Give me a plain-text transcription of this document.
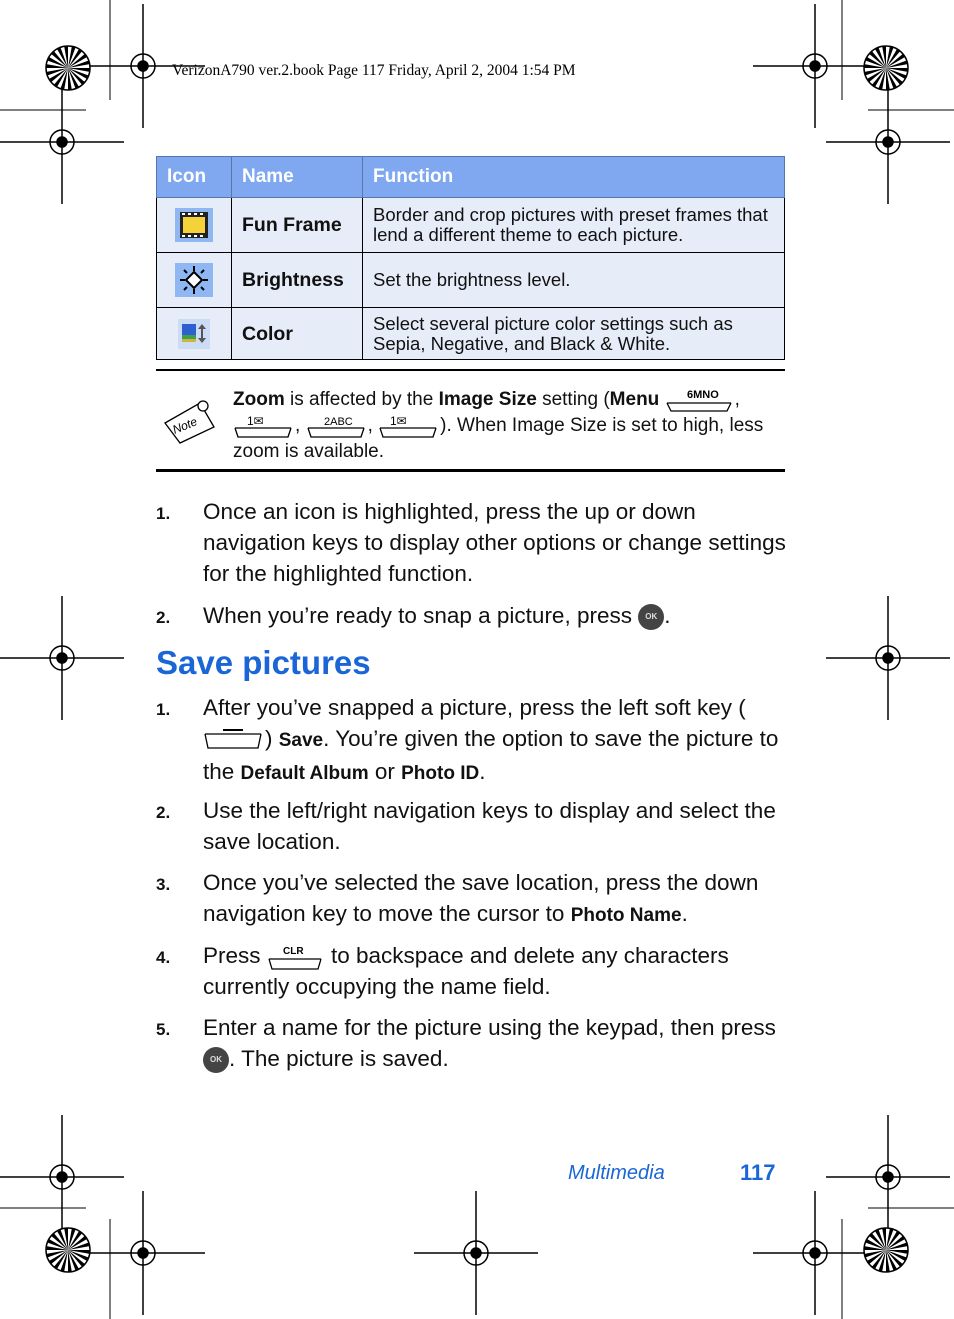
VerizonA790 ver.2.book Page 117 Friday, April 2, 2004 1:54 PM
Icon	Name	Function
	Fun Frame	Border and crop pictures with preset frames that lend a different theme to each picture.
	Brightness	Set the brightness level.
	Color	Select several picture color settings such as Sepia, Negative, and Black & White.
Note
Zoom is affected by the Image Size setting (Menu 6MNO ,

1✉ , 2ABC , 1✉ ). When Image Size is set to high, less zoom is available.
1. Once an icon is highlighted, press the up or down navigation keys to display other options or change settings for the highlighted function.
2. When you’re ready to snap a picture, press OK .
Save pictures
1. After you’ve snapped a picture, press the left soft key () Save. You’re given the option to save the picture to the Default Album or Photo ID.
2. Use the left/right navigation keys to display and select the save location.
3. Once you’ve selected the save location, press the down navigation key to move the cursor to Photo Name.
4. Press CLR to backspace and delete any characters currently occupying the name field.
5. Enter a name for the picture using the keypad, then press OK . The picture is saved.
Multimedia	117
